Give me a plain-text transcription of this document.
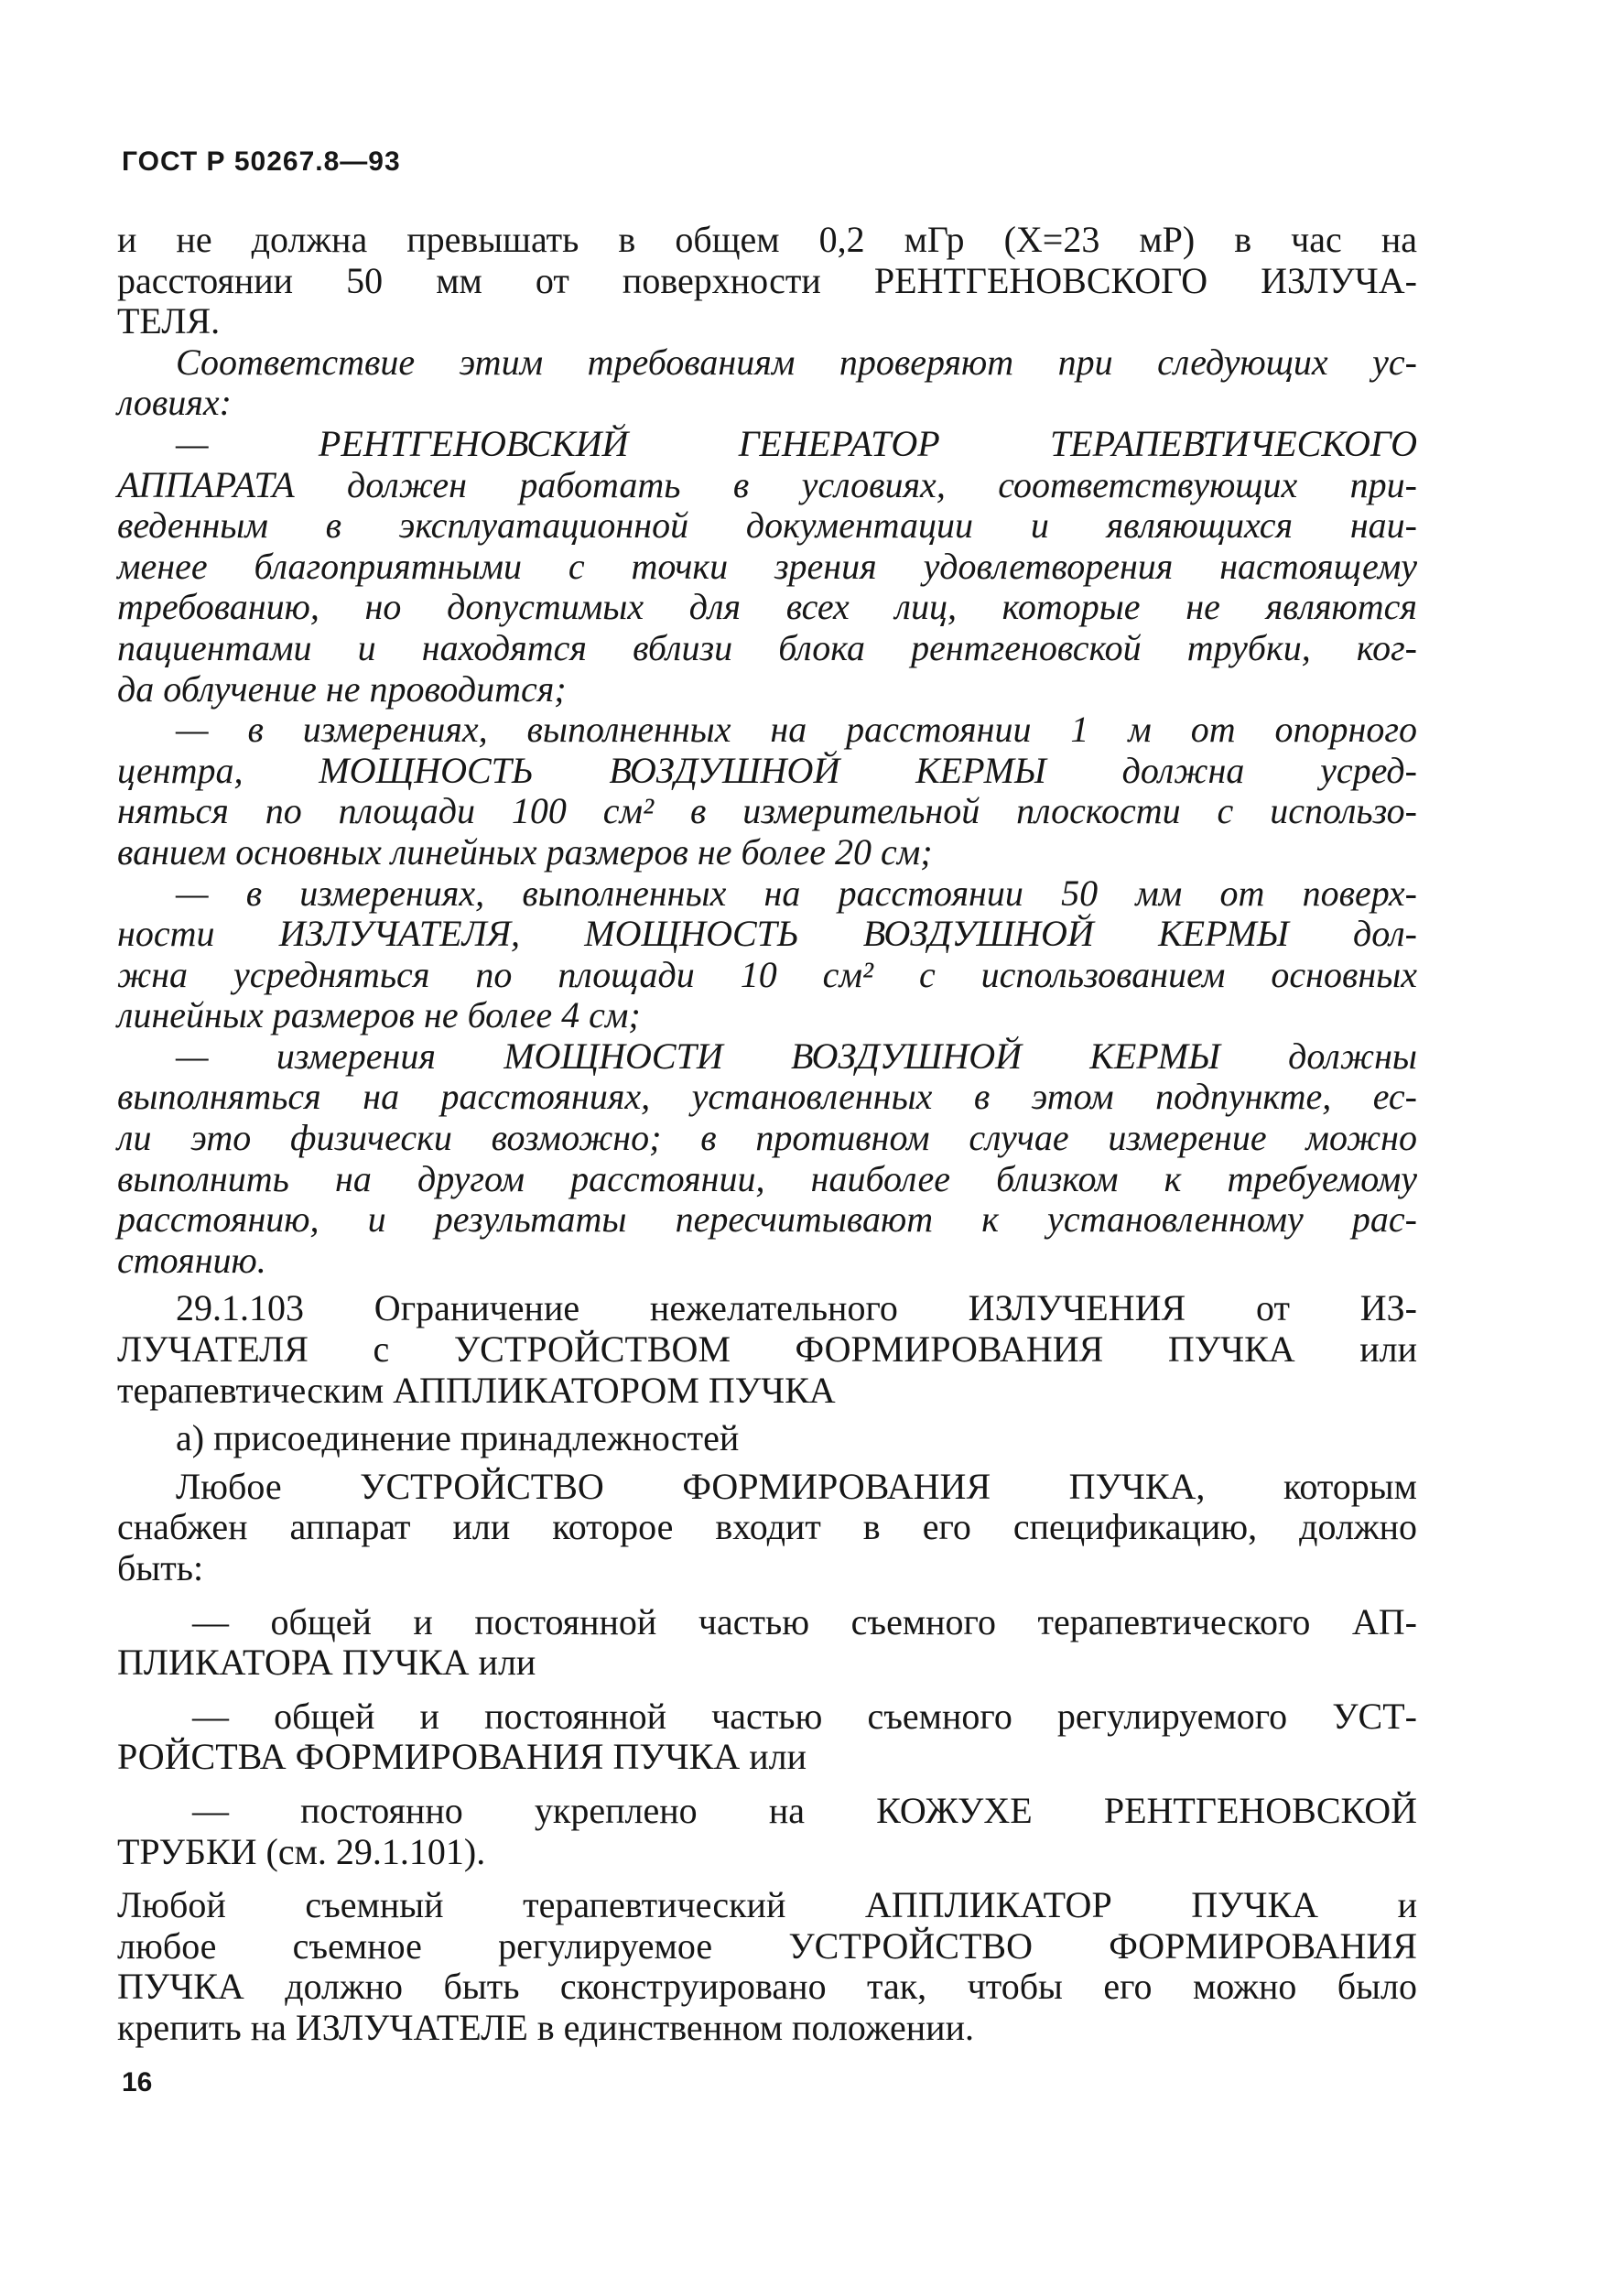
ГОСТ Р 50267.8—93
и не должна превышать в общем 0,2 мГр (Х=23 мР) в час на
расстоянии 50 мм от поверхности РЕНТГЕНОВСКОГО ИЗЛУЧА-
ТЕЛЯ.
Соответствие этим требованиям проверяют при следующих ус-
ловиях:
— РЕНТГЕНОВСКИЙ ГЕНЕРАТОР ТЕРАПЕВТИЧЕСКОГО
АППАРАТА должен работать в условиях, соответствующих при-
веденным в эксплуатационной документации и являющихся наи-
менее благоприятными с точки зрения удовлетворения настоящему
требованию, но допустимых для всех лиц, которые не являются
пациентами и находятся вблизи блока рентгеновской трубки, ког-
да облучение не проводится;
— в измерениях, выполненных на расстоянии 1 м от опорного
центра, МОЩНОСТЬ ВОЗДУШНОЙ КЕРМЫ должна усред-
няться по площади 100 см² в измерительной плоскости с использо-
ванием основных линейных размеров не более 20 см;
— в измерениях, выполненных на расстоянии 50 мм от поверх-
ности ИЗЛУЧАТЕЛЯ, МОЩНОСТЬ ВОЗДУШНОЙ КЕРМЫ дол-
жна усредняться по площади 10 см² с использованием основных
линейных размеров не более 4 см;
— измерения МОЩНОСТИ ВОЗДУШНОЙ КЕРМЫ должны
выполняться на расстояниях, установленных в этом подпункте, ес-
ли это физически возможно; в противном случае измерение можно
выполнить на другом расстоянии, наиболее близком к требуемому
расстоянию, и результаты пересчитывают к установленному рас-
стоянию.
29.1.103 Ограничение нежелательного ИЗЛУЧЕНИЯ от ИЗ-
ЛУЧАТЕЛЯ с УСТРОЙСТВОМ ФОРМИРОВАНИЯ ПУЧКА или
терапевтическим АППЛИКАТОРОМ ПУЧКА
а) присоединение принадлежностей
Любое УСТРОЙСТВО ФОРМИРОВАНИЯ ПУЧКА, которым
снабжен аппарат или которое входит в его спецификацию, должно
быть:
— общей и постоянной частью съемного терапевтического АП-
ПЛИКАТОРА ПУЧКА или
— общей и постоянной частью съемного регулируемого УСТ-
РОЙСТВА ФОРМИРОВАНИЯ ПУЧКА или
— постоянно укреплено на КОЖУХЕ РЕНТГЕНОВСКОЙ
ТРУБКИ (см. 29.1.101).
Любой съемный терапевтический АППЛИКАТОР ПУЧКА и
любое съемное регулируемое УСТРОЙСТВО ФОРМИРОВАНИЯ
ПУЧКА должно быть сконструировано так, чтобы его можно было
крепить на ИЗЛУЧАТЕЛЕ в единственном положении.
16
